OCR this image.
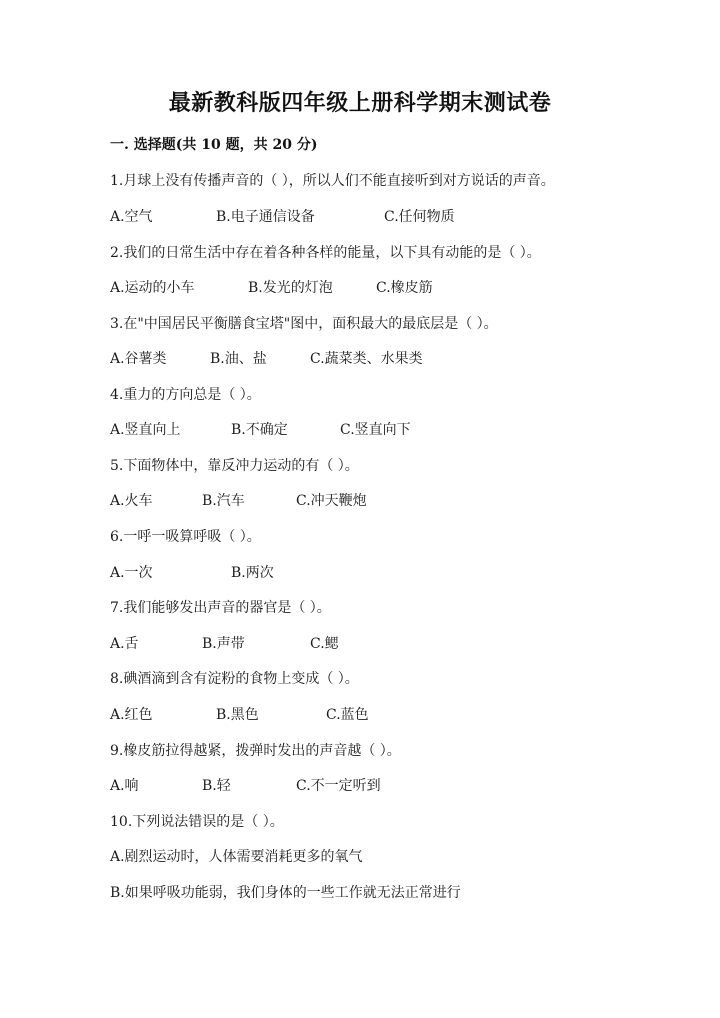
最新教科版四年级上册科学期末测试卷
一. 选择题(共 10 题，共 20 分)
1.月球上没有传播声音的（ ），所以人们不能直接听到对方说话的声音。
A.空气	B.电子通信设备	C.任何物质
2.我们的日常生活中存在着各种各样的能量，以下具有动能的是（ ）。
A.运动的小车	B.发光的灯泡	C.橡皮筋
3.在"中国居民平衡膳食宝塔"图中，面积最大的最底层是（ ）。
A.谷薯类	B.油、盐	C.蔬菜类、水果类
4.重力的方向总是（ ）。
A.竖直向上	B.不确定	C.竖直向下
5.下面物体中，靠反冲力运动的有（ ）。
A.火车	B.汽车	C.冲天鞭炮
6.一呼一吸算呼吸（ ）。
A.一次	B.两次
7.我们能够发出声音的器官是（ ）。
A.舌	B.声带	C.鳃
8.碘酒滴到含有淀粉的食物上变成（ ）。
A.红色	B.黑色	C.蓝色
9.橡皮筋拉得越紧，拨弹时发出的声音越（ ）。
A.响	B.轻	C.不一定听到
10.下列说法错误的是（ ）。
A.剧烈运动时，人体需要消耗更多的氧气
B.如果呼吸功能弱，我们身体的一些工作就无法正常进行
